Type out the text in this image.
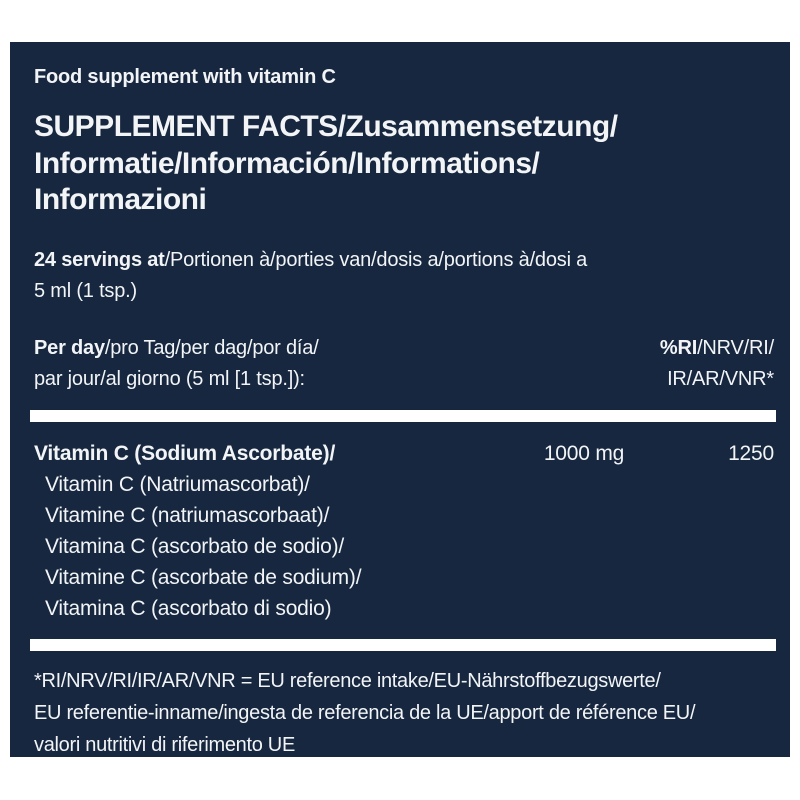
Food supplement with vitamin C
SUPPLEMENT FACTS/Zusammensetzung/
Informatie/Información/Informations/
Informazioni
24 servings at/Portionen à/porties van/dosis a/portions à/dosi a
5 ml (1 tsp.)
Per day/pro Tag/per dag/por día/
par jour/al giorno (5 ml [1 tsp.]):
%RI/NRV/RI/
IR/AR/VNR*
Vitamin C (Sodium Ascorbate)/	1000 mg	1250
Vitamin C (Natriumascorbat)/
Vitamine C (natriumascorbaat)/
Vitamina C (ascorbato de sodio)/
Vitamine C (ascorbate de sodium)/
Vitamina C (ascorbato di sodio)
*RI/NRV/RI/IR/AR/VNR = EU reference intake/EU-Nährstoffbezugswerte/
EU referentie-inname/ingesta de referencia de la UE/apport de référence EU/
valori nutritivi di riferimento UE
